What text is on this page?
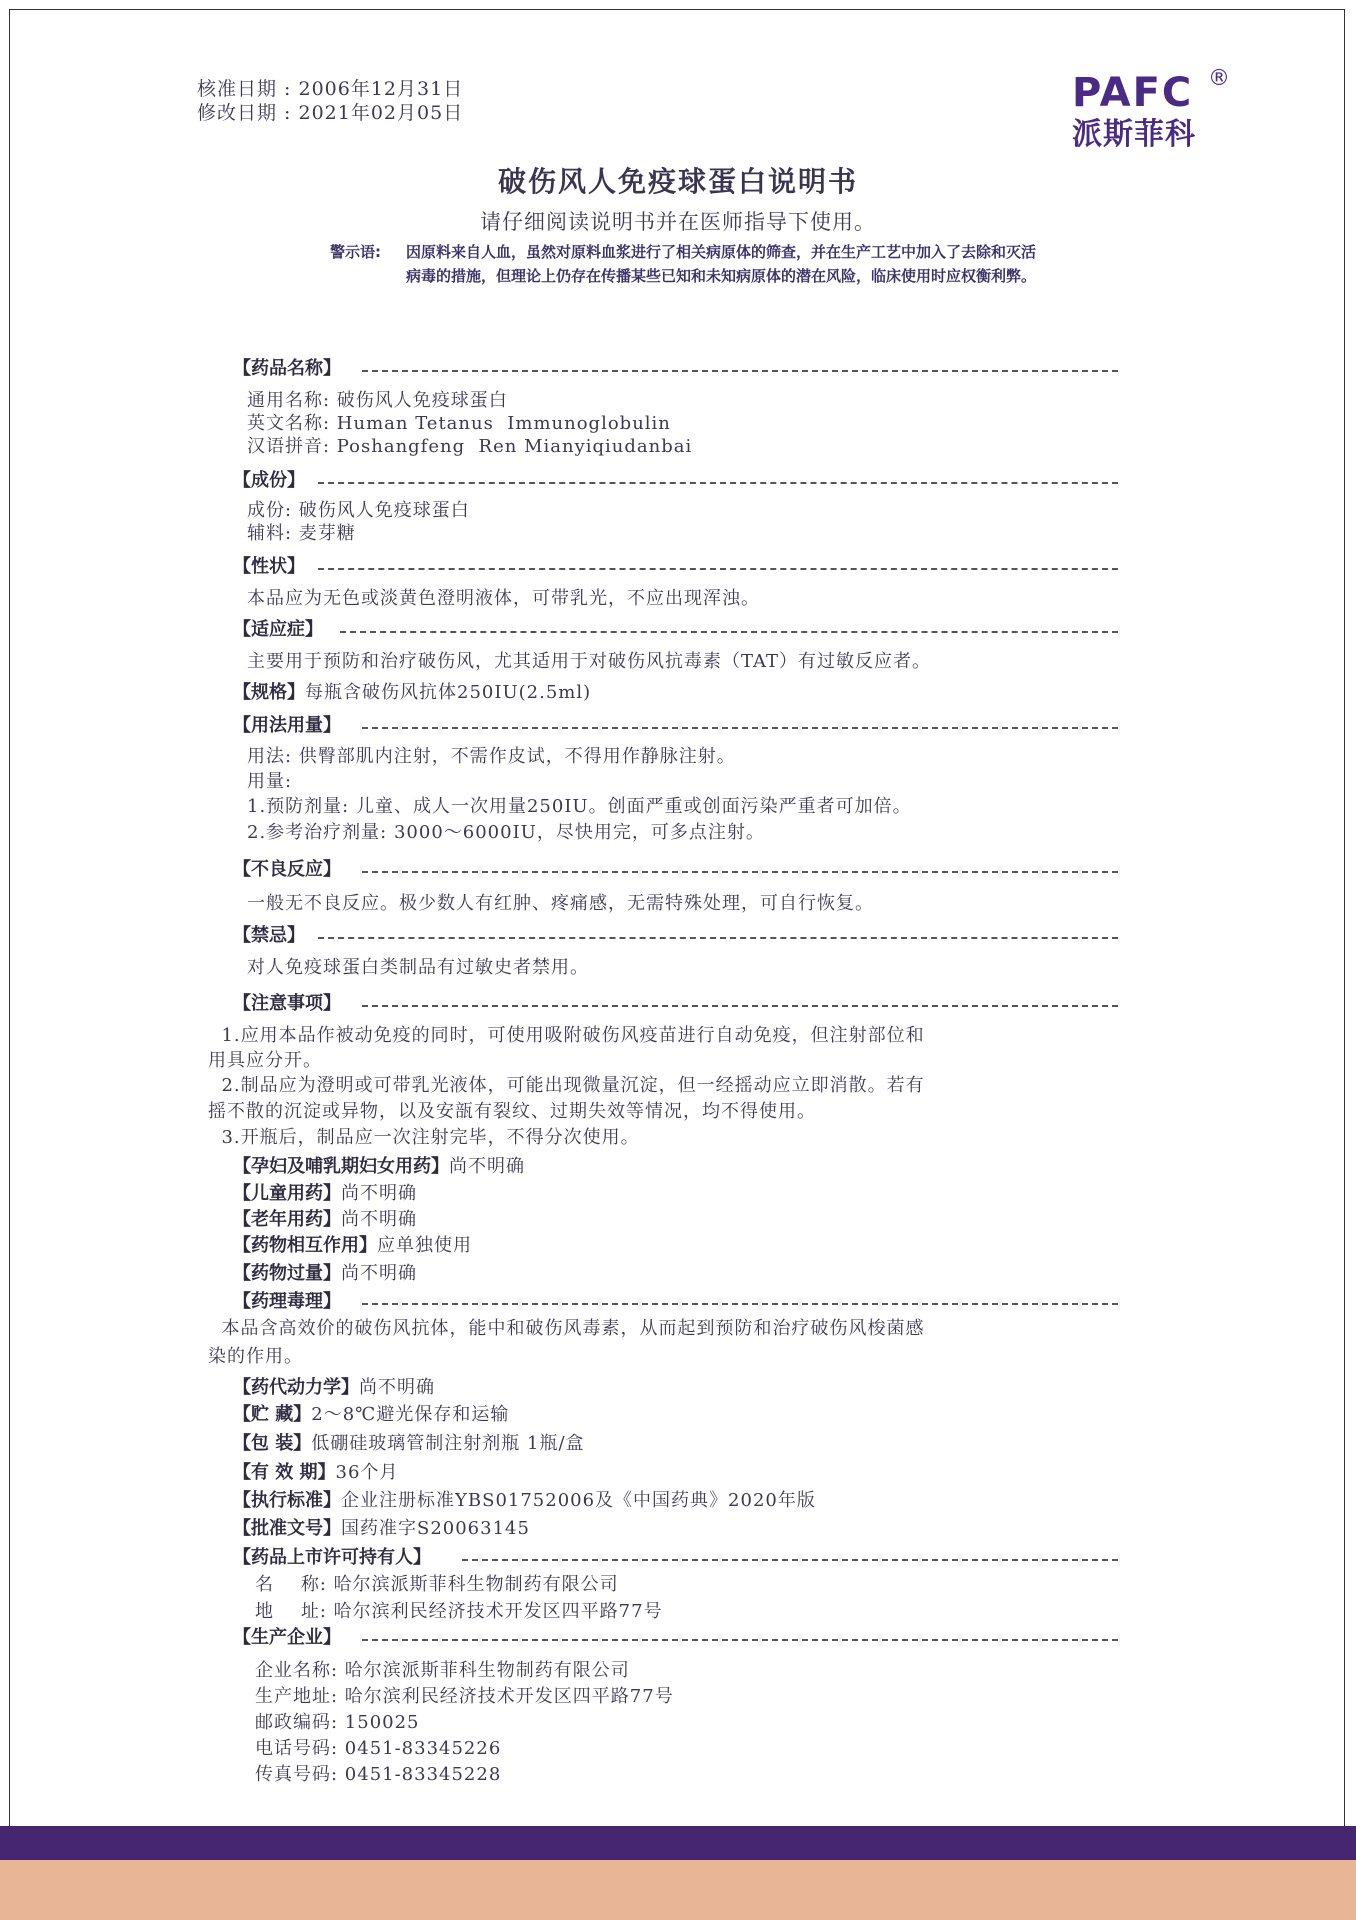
核准日期 : 2006年12月31日
修改日期 : 2021年02月05日	PAFC ®
派斯菲科
破伤风人免疫球蛋白说明书
请仔细阅读说明书并在医师指导下使用。
警示语: 因原料来自人血，虽然对原料血浆进行了相关病原体的筛查，并在生产工艺中加入了去除和灭活病毒的措施，但理论上仍存在传播某些已知和未知病原体的潜在风险，临床使用时应权衡利弊。
【药品名称】
通用名称: 破伤风人免疫球蛋白
英文名称: Human Tetanus  Immunoglobulin
汉语拼音: Poshangfeng  Ren Mianyiqiudanbai
【成份】
成份: 破伤风人免疫球蛋白
辅料: 麦芽糖
【性状】
本品应为无色或淡黄色澄明液体，可带乳光，不应出现浑浊。
【适应症】
主要用于预防和治疗破伤风，尤其适用于对破伤风抗毒素（TAT）有过敏反应者。
【规格】 每瓶含破伤风抗体250IU(2.5ml)
【用法用量】
用法: 供臀部肌内注射，不需作皮试，不得用作静脉注射。
用量:
1.预防剂量: 儿童、成人一次用量250IU。创面严重或创面污染严重者可加倍。
2.参考治疗剂量: 3000～6000IU，尽快用完，可多点注射。
【不良反应】
一般无不良反应。极少数人有红肿、疼痛感，无需特殊处理，可自行恢复。
【禁忌】
对人免疫球蛋白类制品有过敏史者禁用。
【注意事项】
1.应用本品作被动免疫的同时，可使用吸附破伤风疫苗进行自动免疫，但注射部位和
用具应分开。
2.制品应为澄明或可带乳光液体，可能出现微量沉淀，但一经摇动应立即消散。若有
摇不散的沉淀或异物，以及安瓿有裂纹、过期失效等情况，均不得使用。
3.开瓶后，制品应一次注射完毕，不得分次使用。
【孕妇及哺乳期妇女用药】 尚不明确
【儿童用药】 尚不明确
【老年用药】 尚不明确
【药物相互作用】 应单独使用
【药物过量】 尚不明确
【药理毒理】
本品含高效价的破伤风抗体，能中和破伤风毒素，从而起到预防和治疗破伤风梭菌感
染的作用。
【药代动力学】 尚不明确
【贮 藏】 2～8℃避光保存和运输
【包 装】 低硼硅玻璃管制注射剂瓶 1瓶/盒
【有 效 期】 36个月
【执行标准】 企业注册标准YBS01752006及《中国药典》2020年版
【批准文号】 国药准字S20063145
【药品上市许可持有人】
名    称: 哈尔滨派斯菲科生物制药有限公司
地    址: 哈尔滨利民经济技术开发区四平路77号
【生产企业】
企业名称: 哈尔滨派斯菲科生物制药有限公司
生产地址: 哈尔滨利民经济技术开发区四平路77号
邮政编码: 150025
电话号码: 0451-83345226
传真号码: 0451-83345228
